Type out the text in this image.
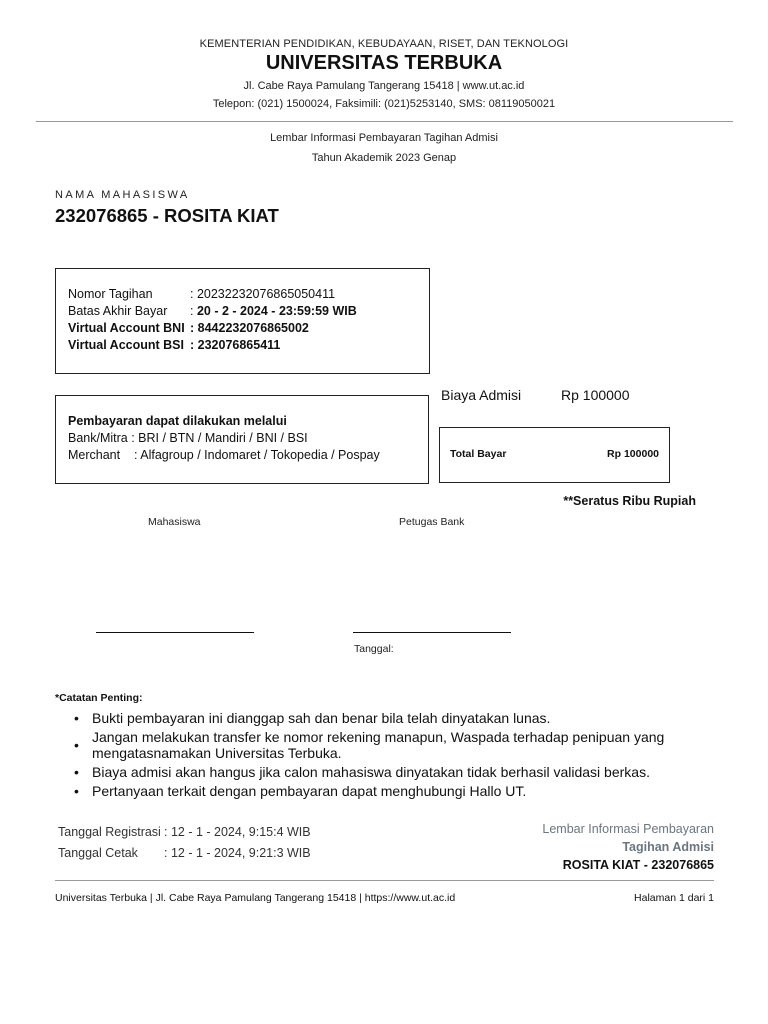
KEMENTERIAN PENDIDIKAN, KEBUDAYAAN, RISET, DAN TEKNOLOGI
UNIVERSITAS TERBUKA
Jl. Cabe Raya Pamulang Tangerang 15418 | www.ut.ac.id
Telepon: (021) 1500024, Faksimili: (021)5253140, SMS: 08119050021
Lembar Informasi Pembayaran Tagihan Admisi
Tahun Akademik 2023 Genap
NAMA MAHASISWA
232076865 - ROSITA KIAT
Nomor Tagihan	: 20232232076865050411
Batas Akhir Bayar : 20 - 2 - 2024 - 23:59:59 WIB
Virtual Account BNI : 8442232076865002
Virtual Account BSI : 232076865411
Pembayaran dapat dilakukan melalui
Bank/Mitra : BRI / BTN / Mandiri / BNI / BSI
Merchant    : Alfagroup / Indomaret / Tokopedia / Pospay
Biaya Admisi	Rp 100000
Total Bayar	Rp 100000
**Seratus Ribu Rupiah
Mahasiswa	Petugas Bank
Tanggal:
*Catatan Penting:
• Bukti pembayaran ini dianggap sah dan benar bila telah dinyatakan lunas.
• Jangan melakukan transfer ke nomor rekening manapun, Waspada terhadap penipuan yang mengatasnamakan Universitas Terbuka.
• Biaya admisi akan hangus jika calon mahasiswa dinyatakan tidak berhasil validasi berkas.
• Pertanyaan terkait dengan pembayaran dapat menghubungi Hallo UT.
Tanggal Registrasi : 12 - 1 - 2024, 9:15:4 WIB
Tanggal Cetak : 12 - 1 - 2024, 9:21:3 WIB
Lembar Informasi Pembayaran
Tagihan Admisi
ROSITA KIAT - 232076865
Universitas Terbuka | Jl. Cabe Raya Pamulang Tangerang 15418 | https://www.ut.ac.id	Halaman 1 dari 1
